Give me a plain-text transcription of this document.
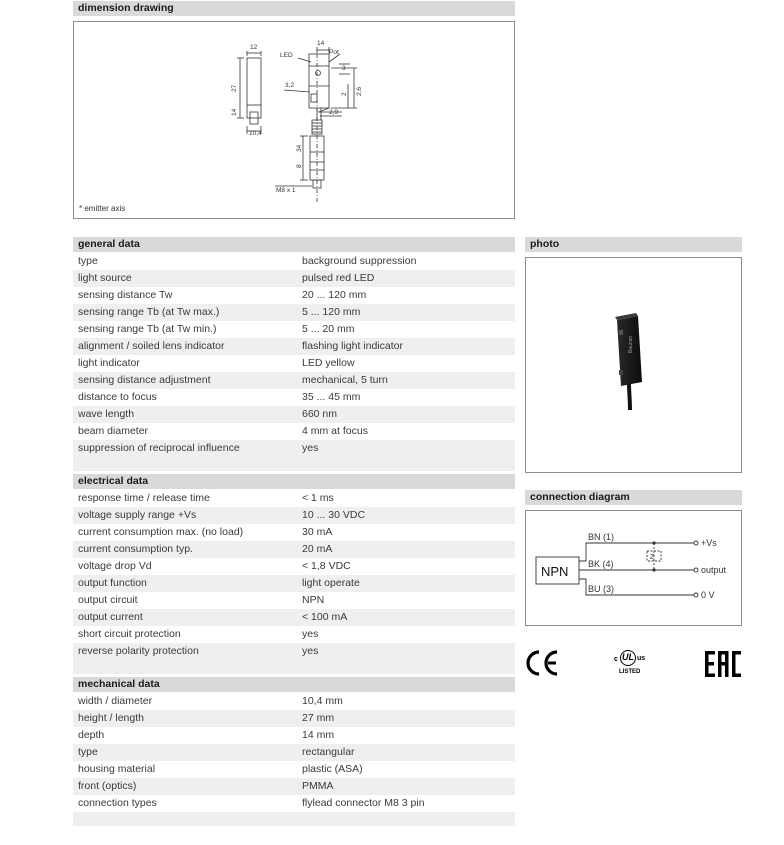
dimension drawing
12
14
LED	Pot
3
3,2
10,4
2,9
M8 x 1
27
14
34
8
2 2,6
* emitter axis
general data
type	background suppression
light source	pulsed red LED
sensing distance Tw	20 ... 120 mm
sensing range Tb (at Tw max.)	5 ... 120 mm
sensing range Tb (at Tw min.)	5 ... 20 mm
alignment / soiled lens indicator	flashing light indicator
light indicator	LED yellow
sensing distance adjustment	mechanical, 5 turn
distance to focus	35 ... 45 mm
wave length	660 nm
beam diameter	4 mm at focus
suppression of reciprocal influence	yes
electrical data
response time / release time	< 1 ms
voltage supply range +Vs	10 ... 30 VDC
current consumption max. (no load)	30 mA
current consumption typ.	20 mA
voltage drop Vd	< 1,8 VDC
output function	light operate
output circuit	NPN
output current	< 100 mA
short circuit protection	yes
reverse polarity protection	yes
mechanical data
width / diameter	10,4 mm
height / length	27 mm
depth	14 mm
type	rectangular
housing material	plastic (ASA)
front (optics)	PMMA
connection types	flylead connector M8 3 pin
photo
Baumer
connection diagram
NPN
BN (1)
BK (4)
BU (3)
Z
+Vs
output
0 V
c UL us
LISTED
